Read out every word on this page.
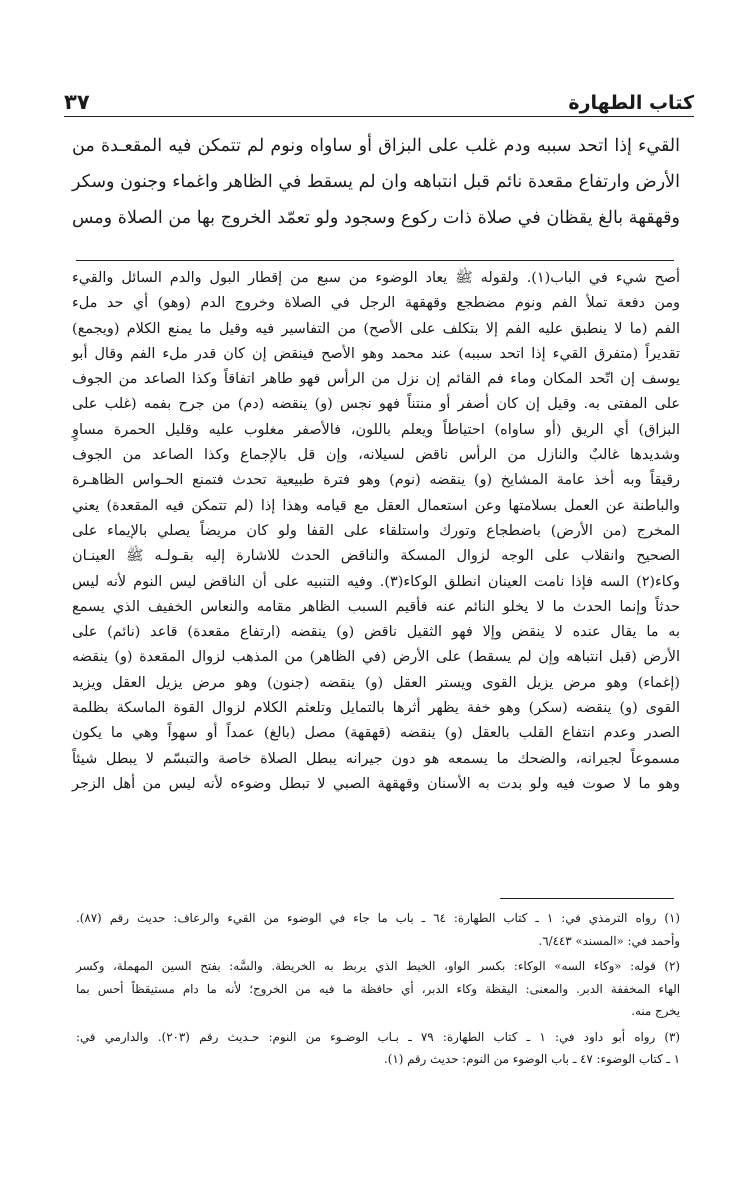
كتاب الطهارة
٣٧
القيء إذا اتحد سببه ودم غلب على البزاق أو ساواه ونوم لم تتمكن فيه المقعـدة من
الأرض وارتفاع مقعدة نائم قبل انتباهه وان لم يسقط في الظاهر واغماء وجنون وسكر
وقهقهة بالغ يقظان في صلاة ذات ركوع وسجود ولو تعمّد الخروج بها من الصلاة ومس
أصح شيء في الباب(١). ولقوله ﷺ يعاد الوضوء من سبع من إقطار البول والدم السائل والقيء
ومن دفعة تملأ الفم ونوم مضطجع وقهقهة الرجل في الصلاة وخروج الدم (وهو) أي حد ملء
الفم (ما لا ينطبق عليه الفم إلا بتكلف على الأصح) من التفاسير فيه وقيل ما يمنع الكلام (ويجمع)
تقديراً (متفرق القيء إذا اتحد سببه) عند محمد وهو الأصح فينقض إن كان قدر ملء الفم وقال أبو
يوسف إن اتّحد المكان وماء فم القائم إن نزل من الرأس فهو طاهر اتفاقاً وكذا الصاعد من الجوف
على المفتى به. وقيل إن كان أصفر أو منتناً فهو نجس (و) ينقضه (دم) من جرح بفمه (غلب على
البزاق) أي الريق (أو ساواه) احتياطاً ويعلم باللون، فالأصفر مغلوب عليه وقليل الحمرة مساوٍ
وشديدها غالبٌ والنازل من الرأس ناقض لسيلانه، وإن قل بالإجماع وكذا الصاعد من الجوف
رقيقاً وبه أخذ عامة المشايخ (و) ينقضه (نوم) وهو فترة طبيعية تحدث فتمنع الحـواس الظاهـرة
والباطنة عن العمل بسلامتها وعن استعمال العقل مع قيامه وهذا إذا (لم تتمكن فيه المقعدة) يعني
المخرج (من الأرض) باضطجاع وتورك واستلقاء على القفا ولو كان مريضاً يصلي بالإيماء على
الصحيح وانقلاب على الوجه لزوال المسكة والناقض الحدث للاشارة إليه بقـولـه ﷺ العينـان
وكاء(٢) السه فإذا نامت العينان انطلق الوكاء(٣). وفيه التنبيه على أن الناقض ليس النوم لأنه ليس
حدثاً وإنما الحدث ما لا يخلو النائم عنه فأقيم السبب الظاهر مقامه والنعاس الخفيف الذي يسمع
به ما يقال عنده لا ينقض وإلا فهو الثقيل ناقض (و) ينقضه (ارتفاع مقعدة) قاعد (نائم) على
الأرض (قبل انتباهه وإن لم يسقط) على الأرض (في الظاهر) من المذهب لزوال المقعدة (و) ينقضه
(إغماء) وهو مرض يزيل القوى ويستر العقل (و) ينقضه (جنون) وهو مرض يزيل العقل ويزيد
القوى (و) ينقضه (سكر) وهو خفة يظهر أثرها بالتمايل وتلعثم الكلام لزوال القوة الماسكة بظلمة
الصدر وعدم انتفاع القلب بالعقل (و) ينقضه (قهقهة) مصل (بالغ) عمداً أو سهواً وهي ما يكون
مسموعاً لجيرانه، والضحك ما يسمعه هو دون جيرانه يبطل الصلاة خاصة والتبسّم لا يبطل شيئاً
وهو ما لا صوت فيه ولو بدت به الأسنان وقهقهة الصبي لا تبطل وضوءه لأنه ليس من أهل الزجر
(١) رواه الترمذي في: ١ ـ كتاب الطهارة: ٦٤ ـ باب ما جاء في الوضوء من القيء والرعاف: حديث رقم (٨٧).
وأحمد في: «المسند» ٦/٤٤٣.
(٢) قوله: «وكاء السه» الوكاء: بكسر الواو، الخيط الذي يربط به الخريطة. والسَّه: بفتح السين المهملة، وكسر
الهاء المخففة الدبر. والمعنى: اليقظة وكاء الدبر، أي حافظة ما فيه من الخروج؛ لأنه ما دام مستيقظاً أحس بما
يخرج منه.
(٣) رواه أبو داود في: ١ ـ كتاب الطهارة: ٧٩ ـ بـاب الوضـوء من النوم: حـديث رقم (٢٠٣). والدارمي في:
١ ـ كتاب الوضوء: ٤٧ ـ باب الوضوء من النوم: حديث رقم (١).
